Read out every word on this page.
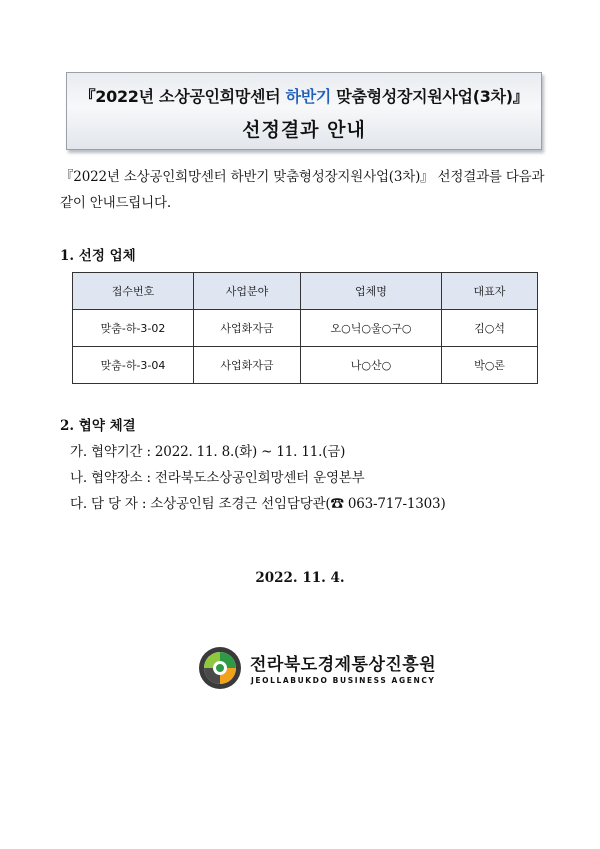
『2022년 소상공인희망센터 하반기 맞춤형성장지원사업(3차)』
선정결과 안내
『2022년 소상공인희망센터 하반기 맞춤형성장지원사업(3차)』 선정결과를 다음과 같이 안내드립니다.
1. 선정 업체
접수번호	사업분야	업체명	대표자
맞춤-하-3-02	사업화자금	오○닉○울○구○	김○석
맞춤-하-3-04	사업화자금	나○산○	박○론
2. 협약 체결
가. 협약기간 : 2022. 11. 8.(화) ~ 11. 11.(금)
나. 협약장소 : 전라북도소상공인희망센터 운영본부
다. 담 당 자 : 소상공인팀 조경근 선임담당관(☎ 063-717-1303)
2022. 11. 4.
전라북도경제통상진흥원
JEOLLABUKDO BUSINESS AGENCY
